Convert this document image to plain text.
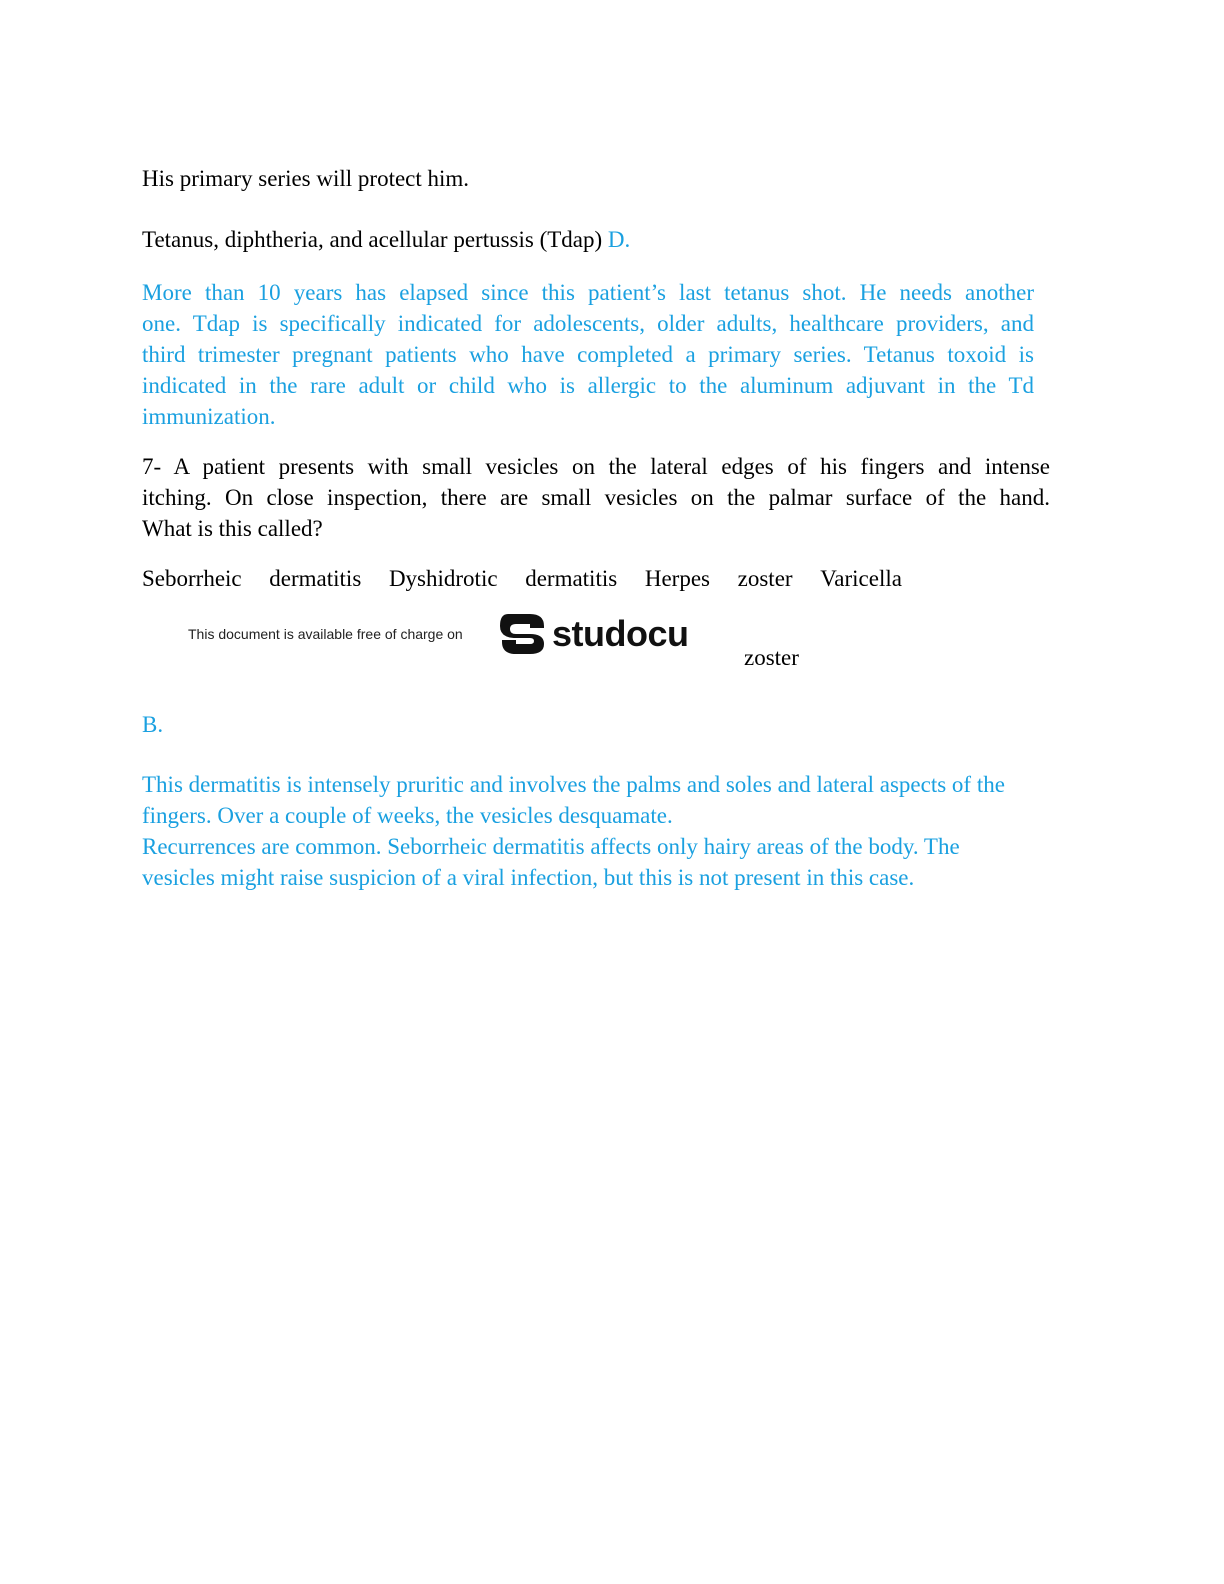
His primary series will protect him.

Tetanus, diphtheria, and acellular pertussis (Tdap) D.

More than 10 years has elapsed since this patient’s last tetanus shot. He needs another
one. Tdap is specifically indicated for adolescents, older adults, healthcare providers, and
third trimester pregnant patients who have completed a primary series. Tetanus toxoid is
indicated in the rare adult or child who is allergic to the aluminum adjuvant in the Td
immunization.
7- A patient presents with small vesicles on the lateral edges of his fingers and intense
itching. On close inspection, there are small vesicles on the palmar surface of the hand.
What is this called?
Seborrheic dermatitis Dyshidrotic dermatitis Herpes zoster Varicella
This document is available free of charge on studocu

zoster

B.

This dermatitis is intensely pruritic and involves the palms and soles and lateral aspects of the
fingers. Over a couple of weeks, the vesicles desquamate.
Recurrences are common. Seborrheic dermatitis affects only hairy areas of the body. The
vesicles might raise suspicion of a viral infection, but this is not present in this case.
